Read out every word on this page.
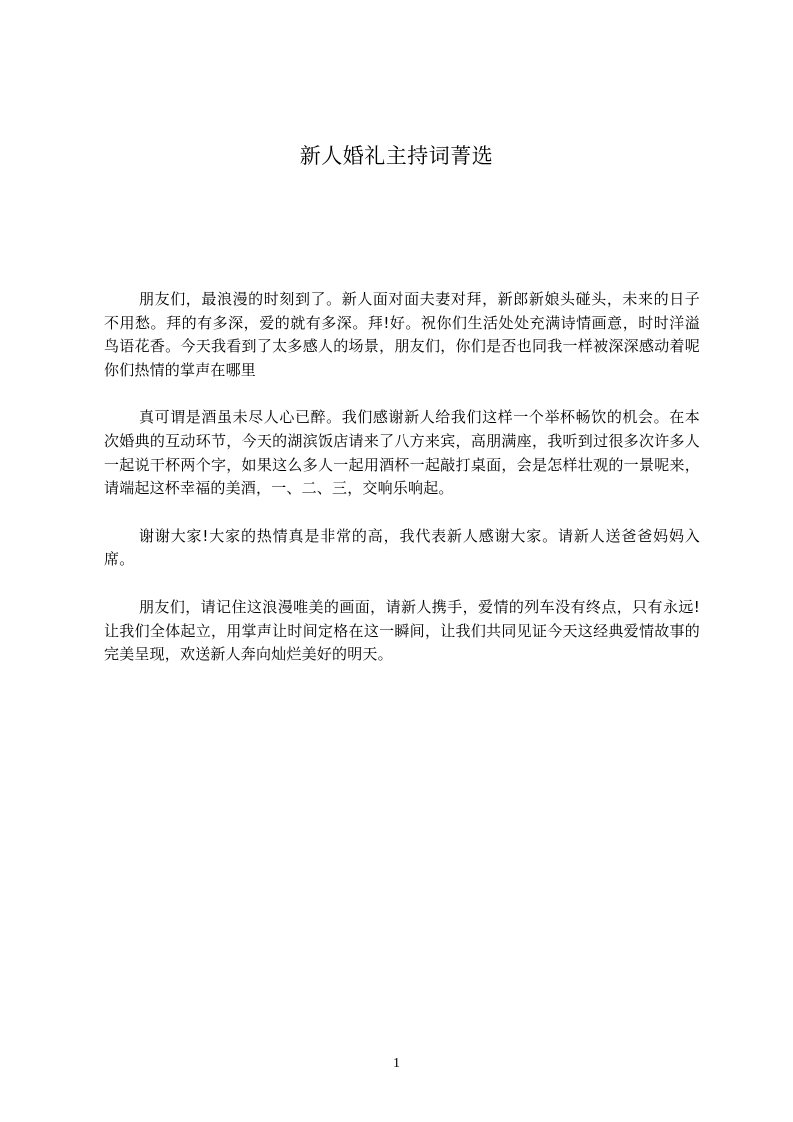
新人婚礼主持词菁选

朋友们，最浪漫的时刻到了。新人面对面夫妻对拜，新郎新娘头碰头，未来的日子不用愁。拜的有多深，爱的就有多深。拜!好。祝你们生活处处充满诗情画意，时时洋溢鸟语花香。今天我看到了太多感人的场景，朋友们，你们是否也同我一样被深深感动着呢你们热情的掌声在哪里

真可谓是酒虽未尽人心已醉。我们感谢新人给我们这样一个举杯畅饮的机会。在本次婚典的互动环节，今天的湖滨饭店请来了八方来宾，高朋满座，我听到过很多次许多人一起说干杯两个字，如果这么多人一起用酒杯一起敲打桌面，会是怎样壮观的一景呢来，请端起这杯幸福的美酒，一、二、三，交响乐响起。

谢谢大家!大家的热情真是非常的高，我代表新人感谢大家。请新人送爸爸妈妈入席。

朋友们，请记住这浪漫唯美的画面，请新人携手，爱情的列车没有终点，只有永远!让我们全体起立，用掌声让时间定格在这一瞬间，让我们共同见证今天这经典爱情故事的完美呈现，欢送新人奔向灿烂美好的明天。

1
